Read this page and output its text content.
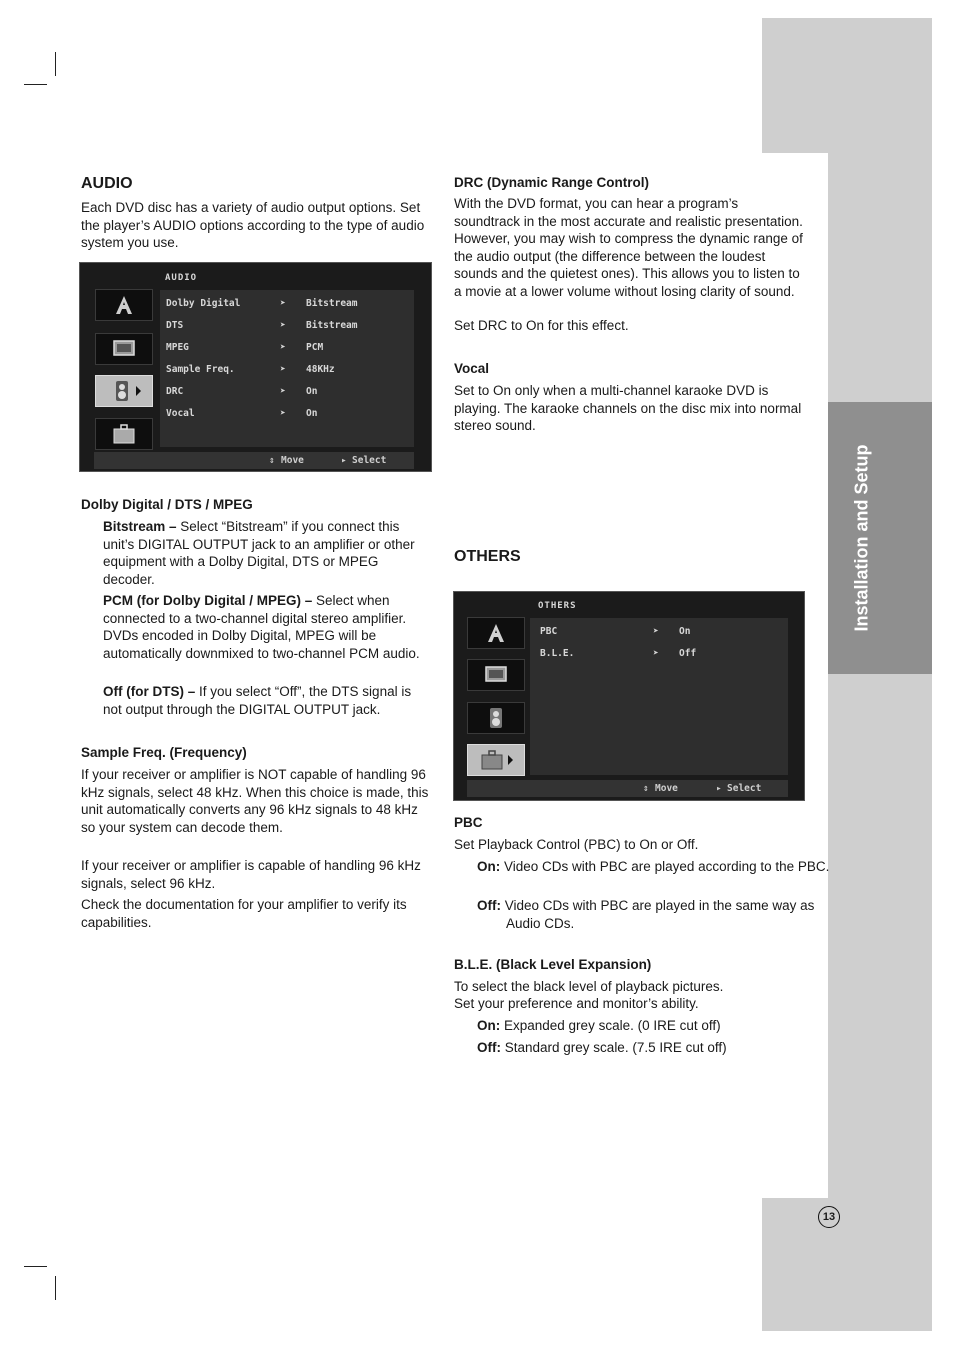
Installation and Setup
13
AUDIO

Each DVD disc has a variety of audio output options. Set the player’s AUDIO options according to the type of audio system you use.

AUDIO
Dolby Digital	➤ Bitstream
DTS	➤ Bitstream
MPEG	➤ PCM
Sample Freq.	➤ 48KHz
DRC	➤ On
Vocal	➤ On
⇕ Move	▸ Select
Dolby Digital / DTS / MPEG

Bitstream – Select “Bitstream” if you connect this unit’s DIGITAL OUTPUT jack to an amplifier or other equipment with a Dolby Digital, DTS or MPEG decoder.

PCM (for Dolby Digital / MPEG) – Select when connected to a two-channel digital stereo amplifier. DVDs encoded in Dolby Digital, MPEG will be automatically downmixed to two-channel PCM audio.

Off (for DTS) – If you select “Off”, the DTS signal is not output through the DIGITAL OUTPUT jack.

Sample Freq. (Frequency)

If your receiver or amplifier is NOT capable of handling 96 kHz signals, select 48 kHz. When this choice is made, this unit automatically converts any 96 kHz signals to 48 kHz so your system can decode them.

If your receiver or amplifier is capable of handling 96 kHz signals, select 96 kHz.

Check the documentation for your amplifier to verify its capabilities.

DRC (Dynamic Range Control)

With the DVD format, you can hear a program’s soundtrack in the most accurate and realistic presentation. However, you may wish to compress the dynamic range of the audio output (the difference between the loudest sounds and the quietest ones). This allows you to listen to a movie at a lower volume without losing clarity of sound.

Set DRC to On for this effect.

Vocal

Set to On only when a multi-channel karaoke DVD is playing. The karaoke channels on the disc mix into normal stereo sound.

OTHERS
OTHERS
PBC	➤ On
B.L.E.	➤ Off
⇕ Move	▸ Select
PBC

Set Playback Control (PBC) to On or Off.

On: Video CDs with PBC are played according to the PBC.

Off: Video CDs with PBC are played in the same way as Audio CDs.

B.L.E. (Black Level Expansion)

To select the black level of playback pictures.

Set your preference and monitor’s ability.

On: Expanded grey scale. (0 IRE cut off)

Off: Standard grey scale. (7.5 IRE cut off)
